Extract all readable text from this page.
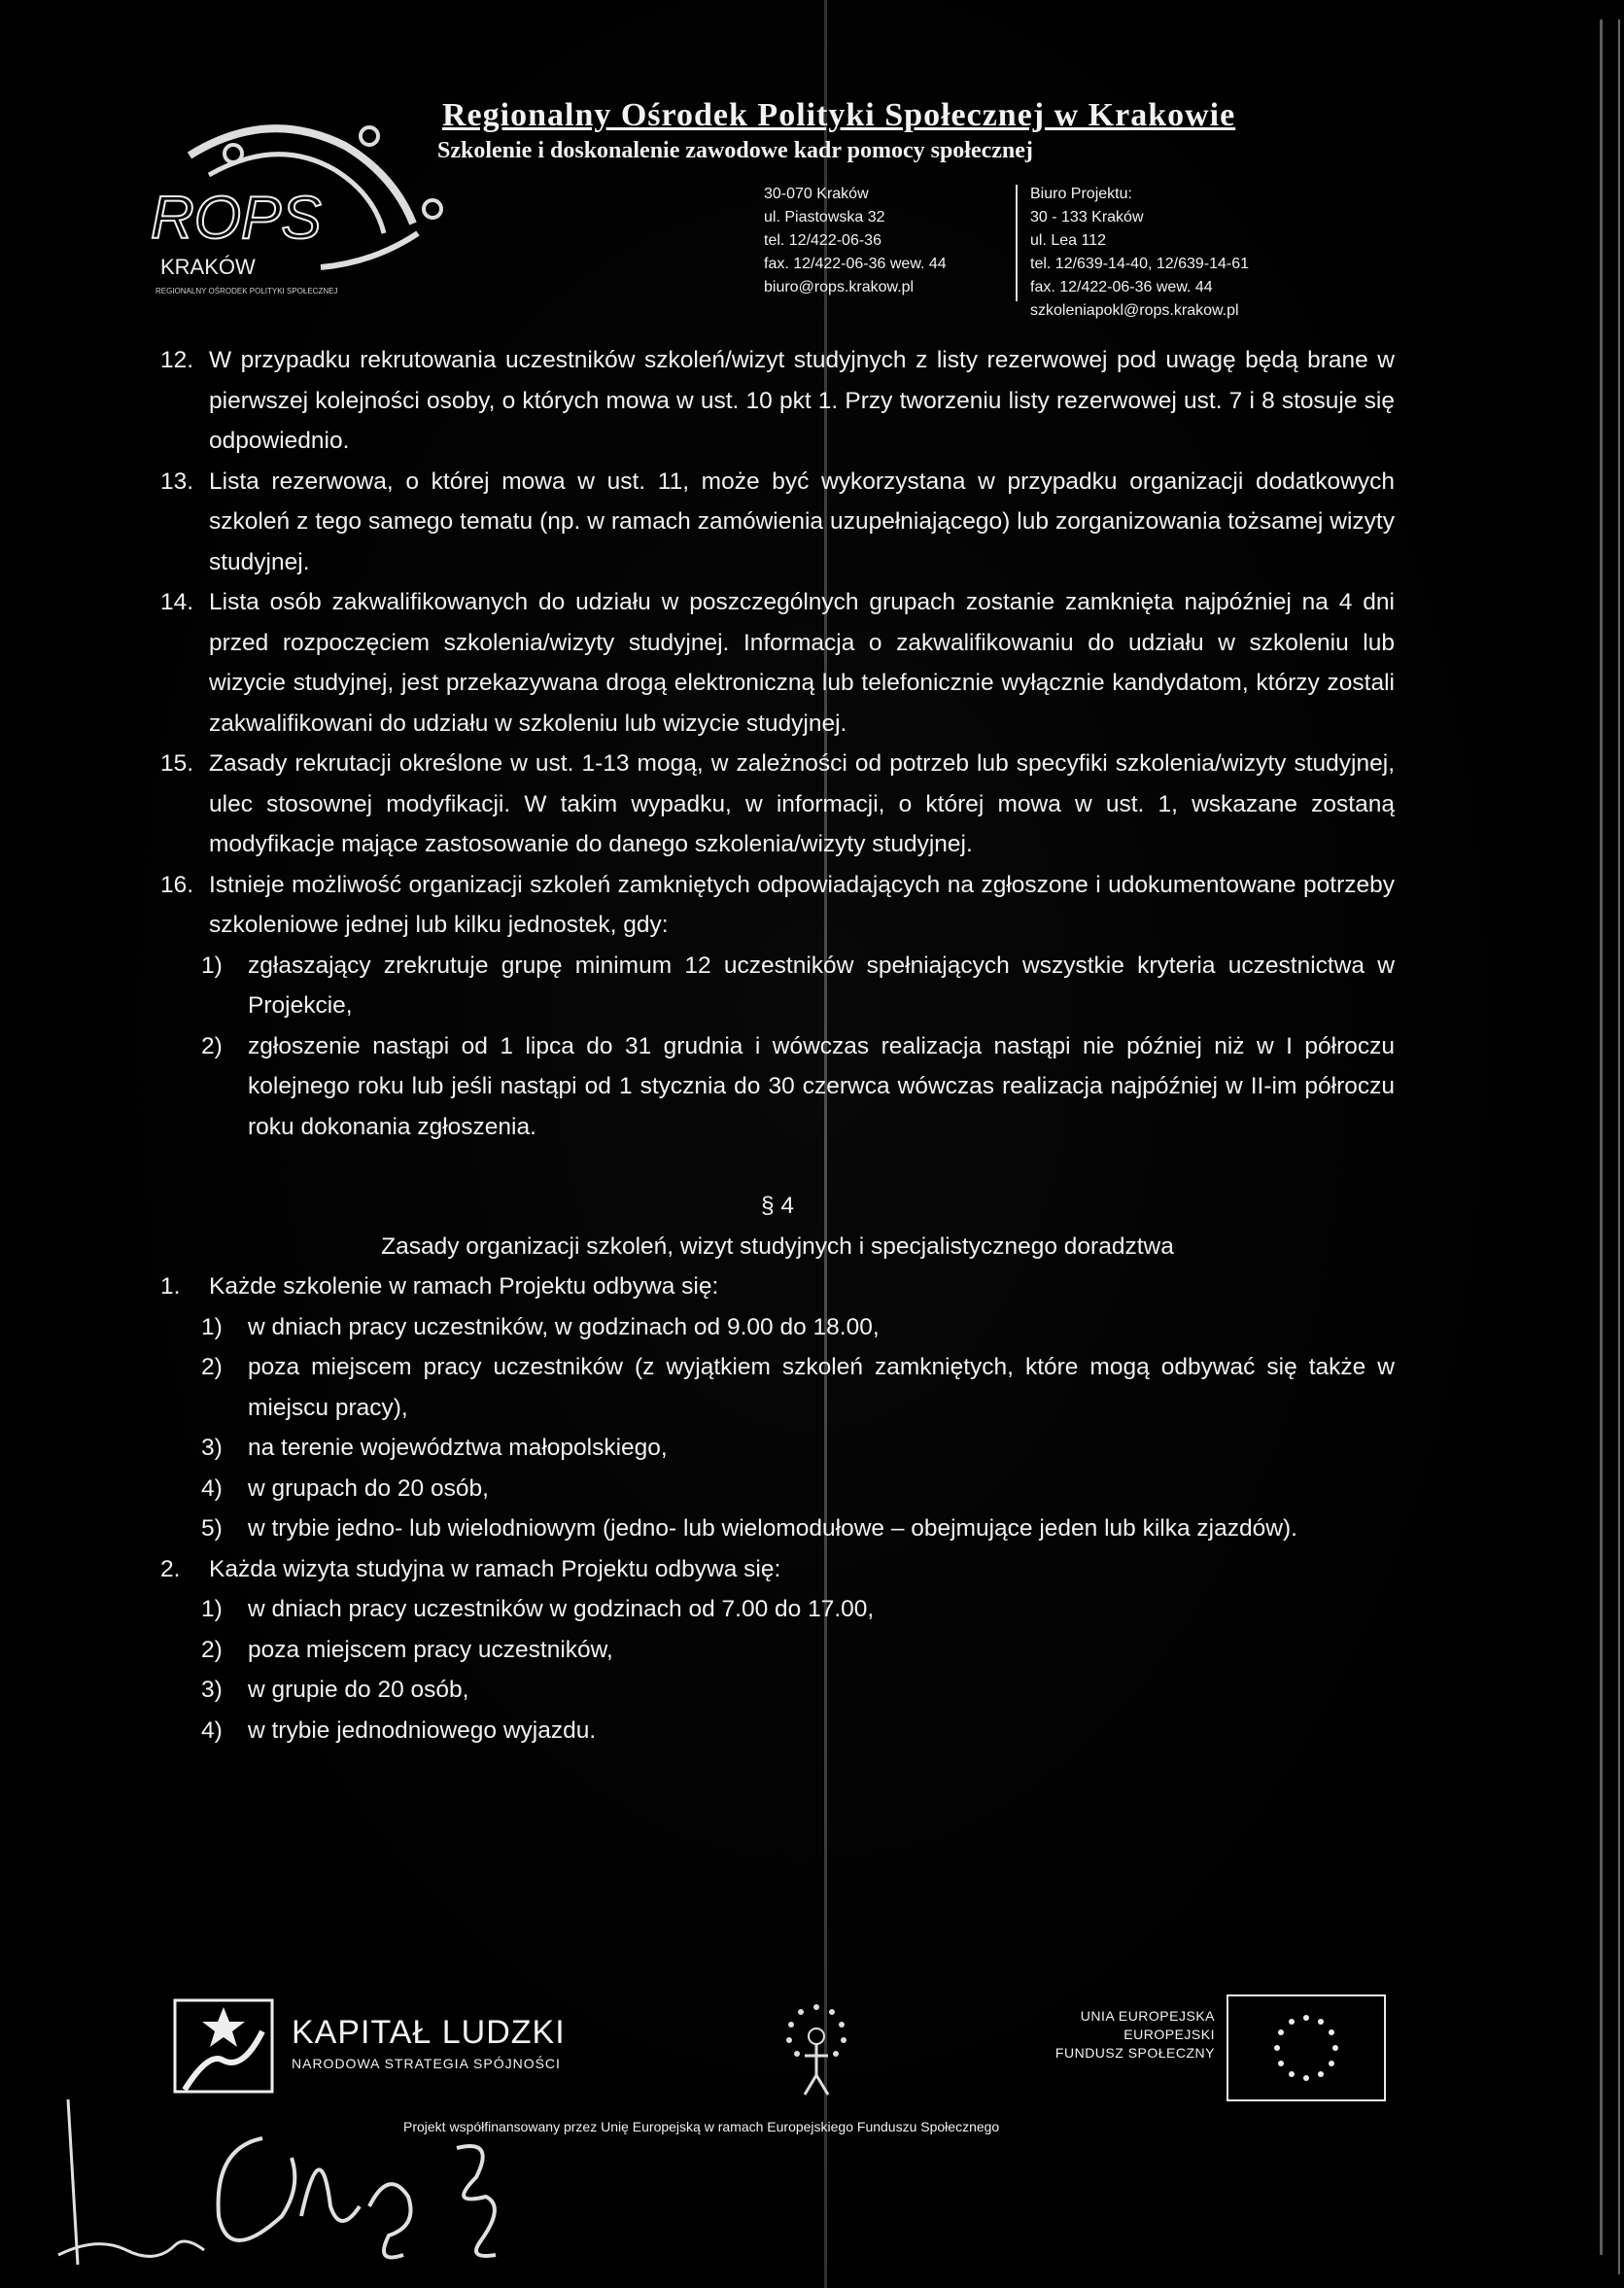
ROPS
KRAKÓW
REGIONALNY OŚRODEK POLITYKI SPOŁECZNEJ
Regionalny Ośrodek Polityki Społecznej w Krakowie
Szkolenie i doskonalenie zawodowe kadr pomocy społecznej
30-070 Kraków
ul. Piastowska 32
tel. 12/422-06-36
fax. 12/422-06-36 wew. 44
biuro@rops.krakow.pl
Biuro Projektu:
30 - 133 Kraków
ul. Lea 112
tel. 12/639-14-40, 12/639-14-61
fax. 12/422-06-36 wew. 44
szkoleniapokl@rops.krakow.pl
12. W przypadku rekrutowania uczestników szkoleń/wizyt studyjnych z listy rezerwowej pod uwagę będą brane w pierwszej kolejności osoby, o których mowa w ust. 10 pkt 1. Przy tworzeniu listy rezerwowej ust. 7 i 8 stosuje się odpowiednio.
13. Lista rezerwowa, o której mowa w ust. 11, może być wykorzystana w przypadku organizacji dodatkowych szkoleń z tego samego tematu (np. w ramach zamówienia uzupełniającego) lub zorganizowania tożsamej wizyty studyjnej.
14. Lista osób zakwalifikowanych do udziału w poszczególnych grupach zostanie zamknięta najpóźniej na 4 dni przed rozpoczęciem szkolenia/wizyty studyjnej. Informacja o zakwalifikowaniu do udziału w szkoleniu lub wizycie studyjnej, jest przekazywana drogą elektroniczną lub telefonicznie wyłącznie kandydatom, którzy zostali zakwalifikowani do udziału w szkoleniu lub wizycie studyjnej.
15. Zasady rekrutacji określone w ust. 1-13 mogą, w zależności od potrzeb lub specyfiki szkolenia/wizyty studyjnej, ulec stosownej modyfikacji. W takim wypadku, w informacji, o której mowa w ust. 1, wskazane zostaną modyfikacje mające zastosowanie do danego szkolenia/wizyty studyjnej.
16. Istnieje możliwość organizacji szkoleń zamkniętych odpowiadających na zgłoszone i udokumentowane potrzeby szkoleniowe jednej lub kilku jednostek, gdy:
1) zgłaszający zrekrutuje grupę minimum 12 uczestników spełniających wszystkie kryteria uczestnictwa w Projekcie,
2) zgłoszenie nastąpi od 1 lipca do 31 grudnia i wówczas realizacja nastąpi nie później niż w I półroczu kolejnego roku lub jeśli nastąpi od 1 stycznia do 30 czerwca wówczas realizacja najpóźniej w II-im półroczu roku dokonania zgłoszenia.
§ 4
Zasady organizacji szkoleń, wizyt studyjnych i specjalistycznego doradztwa
1. Każde szkolenie w ramach Projektu odbywa się:
1) w dniach pracy uczestników, w godzinach od 9.00 do 18.00,
2) poza miejscem pracy uczestników (z wyjątkiem szkoleń zamkniętych, które mogą odbywać się także w miejscu pracy),
3) na terenie województwa małopolskiego,
4) w grupach do 20 osób,
5) w trybie jedno- lub wielodniowym (jedno- lub wielomodułowe – obejmujące jeden lub kilka zjazdów).
2. Każda wizyta studyjna w ramach Projektu odbywa się:
1) w dniach pracy uczestników w godzinach od 7.00 do 17.00,
2) poza miejscem pracy uczestników,
3) w grupie do 20 osób,
4) w trybie jednodniowego wyjazdu.
KAPITAŁ LUDZKI
NARODOWA STRATEGIA SPÓJNOŚCI
UNIA EUROPEJSKA
EUROPEJSKI
FUNDUSZ SPOŁECZNY
Projekt współfinansowany przez Unię Europejską w ramach Europejskiego Funduszu Społecznego
